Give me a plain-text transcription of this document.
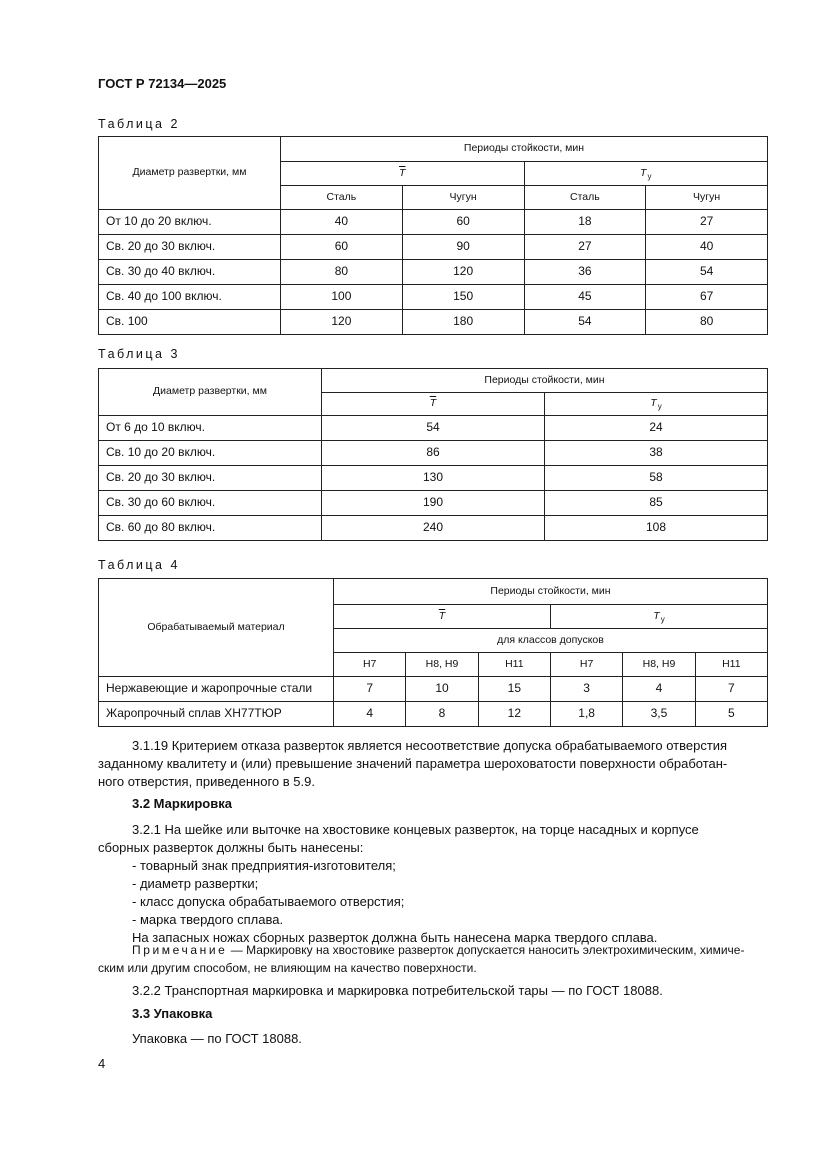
ГОСТ Р 72134—2025
Таблица 2
Диаметр развертки, мм	Периоды стойкости, мин			
	$\overline{T}$		$T_у$
	Сталь	Чугун	Сталь	Чугун
От 10 до 20 включ.	40	60	18	27
Св. 20 до 30 включ.	60	90	27	40
Св. 30 до 40 включ.	80	120	36	54
Св. 40 до 100 включ.	100	150	45	67
Св. 100	120	180	54	80
Таблица 3
Диаметр развертки, мм	Периоды стойкости, мин	
	$\overline{T}$	$T_у$
От 6 до 10 включ.	54	24
Св. 10 до 20 включ.	86	38
Св. 20 до 30 включ.	130	58
Св. 30 до 60 включ.	190	85
Св. 60 до 80 включ.	240	108
Таблица 4
Обрабатываемый материал	Периоды стойкости, мин					
	$\overline{T}$			$T_у$
	для классов допусков					
	H7	H8, H9	H11	H7	H8, H9	H11
Нержавеющие и жаропрочные стали	7	10	15	3	4	7
Жаропрочный сплав ХН77ТЮР	4	8	12	1,8	3,5	5
3.1.19 Критерием отказа разверток является несоответствие допуска обрабатываемого отверстия
заданному квалитету и (или) превышение значений параметра шероховатости поверхности обработан-
ного отверстия, приведенного в 5.9.
3.2 Маркировка
3.2.1 На шейке или выточке на хвостовике концевых разверток, на торце насадных и корпусе
сборных разверток должны быть нанесены:
- товарный знак предприятия-изготовителя;
- диаметр развертки;
- класс допуска обрабатываемого отверстия;
- марка твердого сплава.
На запасных ножах сборных разверток должна быть нанесена марка твердого сплава.
Примечание — Маркировку на хвостовике разверток допускается наносить электрохимическим, химиче-
ским или другим способом, не влияющим на качество поверхности.
3.2.2 Транспортная маркировка и маркировка потребительской тары — по ГОСТ 18088.
3.3 Упаковка
Упаковка — по ГОСТ 18088.
4
